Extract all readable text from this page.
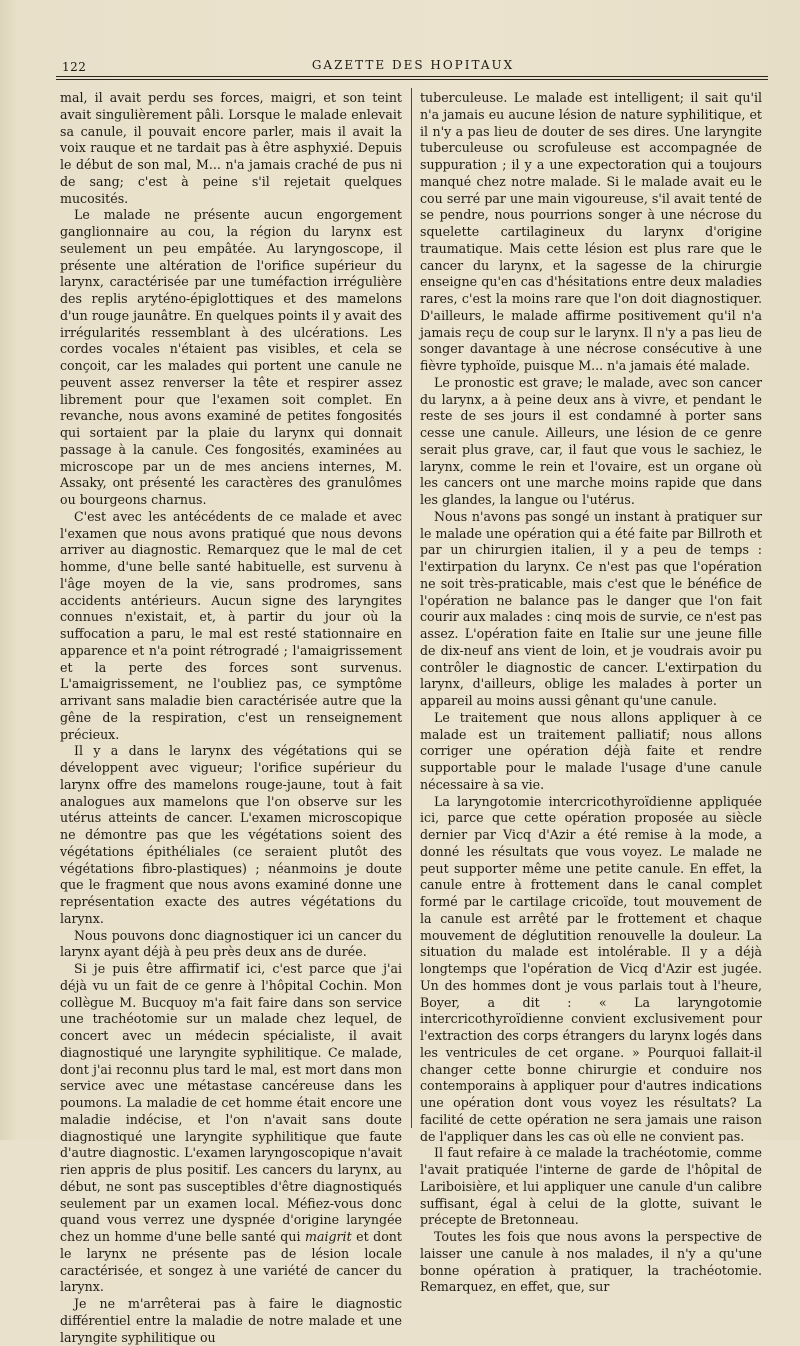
122	GAZETTE DES HOPITAUX

mal, il avait perdu ses forces, maigri, et son teint avait singulièrement pâli. Lorsque le malade enlevait sa canule, il pouvait encore parler, mais il avait la voix rauque et ne tardait pas à être asphyxié. Depuis le début de son mal, M... n'a jamais craché de pus ni de sang; c'est à peine s'il rejetait quelques mucosités.

Le malade ne présente aucun engorgement ganglionnaire au cou, la région du larynx est seulement un peu empâtée. Au laryngoscope, il présente une altération de l'orifice supérieur du larynx, caractérisée par une tuméfaction irrégulière des replis aryténo-épiglottiques et des mamelons d'un rouge jaunâtre. En quelques points il y avait des irrégularités ressemblant à des ulcérations. Les cordes vocales n'étaient pas visibles, et cela se conçoit, car les malades qui portent une canule ne peuvent assez renverser la tête et respirer assez librement pour que l'examen soit complet. En revanche, nous avons examiné de petites fongosités qui sortaient par la plaie du larynx qui donnait passage à la canule. Ces fongosités, examinées au microscope par un de mes anciens internes, M. Assaky, ont présenté les caractères des granulômes ou bourgeons charnus.

C'est avec les antécédents de ce malade et avec l'examen que nous avons pratiqué que nous devons arriver au diagnostic. Remarquez que le mal de cet homme, d'une belle santé habituelle, est survenu à l'âge moyen de la vie, sans prodromes, sans accidents antérieurs. Aucun signe des laryngites connues n'existait, et, à partir du jour où la suffocation a paru, le mal est resté stationnaire en apparence et n'a point rétrogradé ; l'amaigrissement et la perte des forces sont survenus. L'amaigrissement, ne l'oubliez pas, ce symptôme arrivant sans maladie bien caractérisée autre que la gêne de la respiration, c'est un renseignement précieux.

Il y a dans le larynx des végétations qui se développent avec vigueur; l'orifice supérieur du larynx offre des mamelons rouge-jaune, tout à fait analogues aux mamelons que l'on observe sur les utérus atteints de cancer. L'examen microscopique ne démontre pas que les végétations soient des végétations épithéliales (ce seraient plutôt des végétations fibro-plastiques) ; néanmoins je doute que le fragment que nous avons examiné donne une représentation exacte des autres végétations du larynx.

Nous pouvons donc diagnostiquer ici un cancer du larynx ayant déjà à peu près deux ans de durée.

Si je puis être affirmatif ici, c'est parce que j'ai déjà vu un fait de ce genre à l'hôpital Cochin. Mon collègue M. Bucquoy m'a fait faire dans son service une trachéotomie sur un malade chez lequel, de concert avec un médecin spécialiste, il avait diagnostiqué une laryngite syphilitique. Ce malade, dont j'ai reconnu plus tard le mal, est mort dans mon service avec une métastase cancéreuse dans les poumons. La maladie de cet homme était encore une maladie indécise, et l'on n'avait sans doute diagnostiqué une laryngite syphilitique que faute d'autre diagnostic. L'examen laryngoscopique n'avait rien appris de plus positif. Les cancers du larynx, au début, ne sont pas susceptibles d'être diagnostiqués seulement par un examen local. Méfiez-vous donc quand vous verrez une dyspnée d'origine laryngée chez un homme d'une belle santé qui maigrit et dont le larynx ne présente pas de lésion locale caractérisée, et songez à une variété de cancer du larynx.

Je ne m'arrêterai pas à faire le diagnostic différentiel entre la maladie de notre malade et une laryngite syphilitique ou

tuberculeuse. Le malade est intelligent; il sait qu'il n'a jamais eu aucune lésion de nature syphilitique, et il n'y a pas lieu de douter de ses dires. Une laryngite tuberculeuse ou scrofuleuse est accompagnée de suppuration ; il y a une expectoration qui a toujours manqué chez notre malade. Si le malade avait eu le cou serré par une main vigoureuse, s'il avait tenté de se pendre, nous pourrions songer à une nécrose du squelette cartilagineux du larynx d'origine traumatique. Mais cette lésion est plus rare que le cancer du larynx, et la sagesse de la chirurgie enseigne qu'en cas d'hésitations entre deux maladies rares, c'est la moins rare que l'on doit diagnostiquer. D'ailleurs, le malade affirme positivement qu'il n'a jamais reçu de coup sur le larynx. Il n'y a pas lieu de songer davantage à une nécrose consécutive à une fièvre typhoïde, puisque M... n'a jamais été malade.

Le pronostic est grave; le malade, avec son cancer du larynx, a à peine deux ans à vivre, et pendant le reste de ses jours il est condamné à porter sans cesse une canule. Ailleurs, une lésion de ce genre serait plus grave, car, il faut que vous le sachiez, le larynx, comme le rein et l'ovaire, est un organe où les cancers ont une marche moins rapide que dans les glandes, la langue ou l'utérus.

Nous n'avons pas songé un instant à pratiquer sur le malade une opération qui a été faite par Billroth et par un chirurgien italien, il y a peu de temps : l'extirpation du larynx. Ce n'est pas que l'opération ne soit très-praticable, mais c'est que le bénéfice de l'opération ne balance pas le danger que l'on fait courir aux malades : cinq mois de survie, ce n'est pas assez. L'opération faite en Italie sur une jeune fille de dix-neuf ans vient de loin, et je voudrais avoir pu contrôler le diagnostic de cancer. L'extirpation du larynx, d'ailleurs, oblige les malades à porter un appareil au moins aussi gênant qu'une canule.

Le traitement que nous allons appliquer à ce malade est un traitement palliatif; nous allons corriger une opération déjà faite et rendre supportable pour le malade l'usage d'une canule nécessaire à sa vie.

La laryngotomie intercricothyroïdienne appliquée ici, parce que cette opération proposée au siècle dernier par Vicq d'Azir a été remise à la mode, a donné les résultats que vous voyez. Le malade ne peut supporter même une petite canule. En effet, la canule entre à frottement dans le canal complet formé par le cartilage cricoïde, tout mouvement de la canule est arrêté par le frottement et chaque mouvement de déglutition renouvelle la douleur. La situation du malade est intolérable. Il y a déjà longtemps que l'opération de Vicq d'Azir est jugée. Un des hommes dont je vous parlais tout à l'heure, Boyer, a dit : « La laryngotomie intercricothyroïdienne convient exclusivement pour l'extraction des corps étrangers du larynx logés dans les ventricules de cet organe. » Pourquoi fallait-il changer cette bonne chirurgie et conduire nos contemporains à appliquer pour d'autres indications une opération dont vous voyez les résultats? La facilité de cette opération ne sera jamais une raison de l'appliquer dans les cas où elle ne convient pas.

Il faut refaire à ce malade la trachéotomie, comme l'avait pratiquée l'interne de garde de l'hôpital de Lariboisière, et lui appliquer une canule d'un calibre suffisant, égal à celui de la glotte, suivant le précepte de Bretonneau.

Toutes les fois que nous avons la perspective de laisser une canule à nos malades, il n'y a qu'une bonne opération à pratiquer, la trachéotomie. Remarquez, en effet, que, sur
